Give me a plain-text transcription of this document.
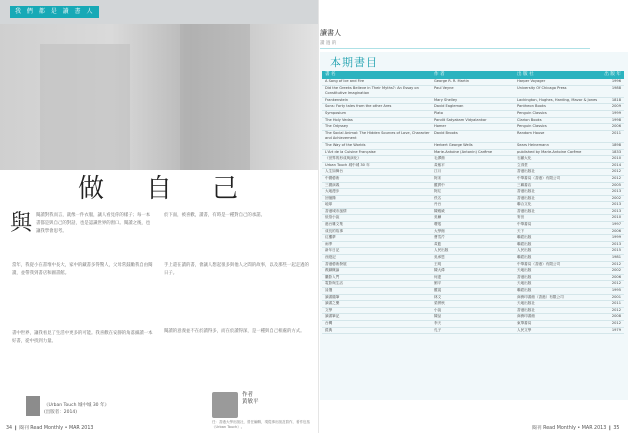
我 們 都 是 讀 書 人
做 自 己
與 閱讀對我而言，就像一件衣服，讓人看見你的樣子；每一本書都是與自己的對話，也是認識世界的窗口。閱讀之後，也讓我學會思考。
當年，我從小在書堆中長大，家中的藏書多得驚人，父母常鼓勵我自由閱讀，並帶我到書店和圖書館。
書中世界，讓我看見了生活中更多的可能。我喜歡在安靜的角落細讀一本好書，從中找到力量。
於下面，被喜歡，讀書，有時是一種對自己的承諾。
手上還在讀的書，會讓人想起很多與他人之間的故事，以及那些一起走過的日子。
閱讀的意義並不在於讀得多，而在於讀得深，是一種與自己相處的方式。
《Urban Touch 城中城 30 年》
(出版者：2014)
作者
黃敏平
任：香港大學出版社，曾任編輯，現從事出版及寫作，著作包括《Urban Touch》。
34 ❙ 閱刊 Read Monthly • MAR 2013
讀書人
讀 過 的
本期書目
書 名	作 者	出 版 社	出 版 年
A Song of Ice and Fire	George R. R. Martin	Harper Voyager	1996
Did the Greeks Believe in Their Myths?: An Essay on Constitutive Imagination
Paul Veyne	University Of Chicago Press	1988
Frankenstein	Mary Shelley	Lackington, Hughes, Harding, Mavor & Jones	1818
Sons: Forty tales from the other Ares	David Eagleman	Pantheon Books	2009
Symposium	Plato	Penguin Classics	1999
The Holy Vedas	Pandit Satyakam Vidyalankar	Clarion Books	1998
The Odyssey	Homer	Penguin Classics	2006
The Social Animal: The Hidden Sources of Love, Character and Achievement
David Brooks	Random House	2011
The Way of the Worlds	Herbert George Wells	Sears Heinemann	1898
L'Art de la Cuisine Française	Marie-Antoine (Antonin) Carême	published by Marie-Antoine Carême	1833
《世界的形成與演化》	毛澤鼎	石鐵大化	2010
Urban Touch 城中城 30 年	黃敏平	立得堂	2014
人生如舞台	江月	香港出版社	2012
中國藝術	阿宋	中華書局（香港）有限公司	2012
三國演義	羅貫中	三聯書店	2005
大地漫步	阿紅	香港出版社	2013
回憶錄	佚名	香港出版社	2002
地球	丹台	聯合文化	2013
香港城市風情	陳雅威	香港出版社	2013
低俗小說	吳爾	麥田	2010
港台雜文集	瓊瑤	中華書局	1997
成長的故事	大學館	天下	2006
紅樓夢	曹雪芹	聯經出版	1999
雨季	黃藍	聯經出版	2013
新年日記	人民出版	人民出版	2015
西遊記	吳承恩	聯經出版	1981
香港藝術發展	王明	中華書局（香港）有限公司	2012
戲劇概論	陳大偉	天地出版	2002
攝影入門	何達	香港出版	2006
電影與生活	劉平	天地出版	2012
詩選	羅賓	聯經出版	1995
讀書隨筆	林文	商務印書館（香港）有限公司	2001
讀書之樂	梁實秋	天地出版社	2011
文學	小說	香港出版社	2012
讀書筆記	陳品	商務印書館	2008
台灣	李天	東華書局	2012
經典	孔子	人民文學	1979
閱刊 Read Monthly • MAR 2013 ❙ 35
